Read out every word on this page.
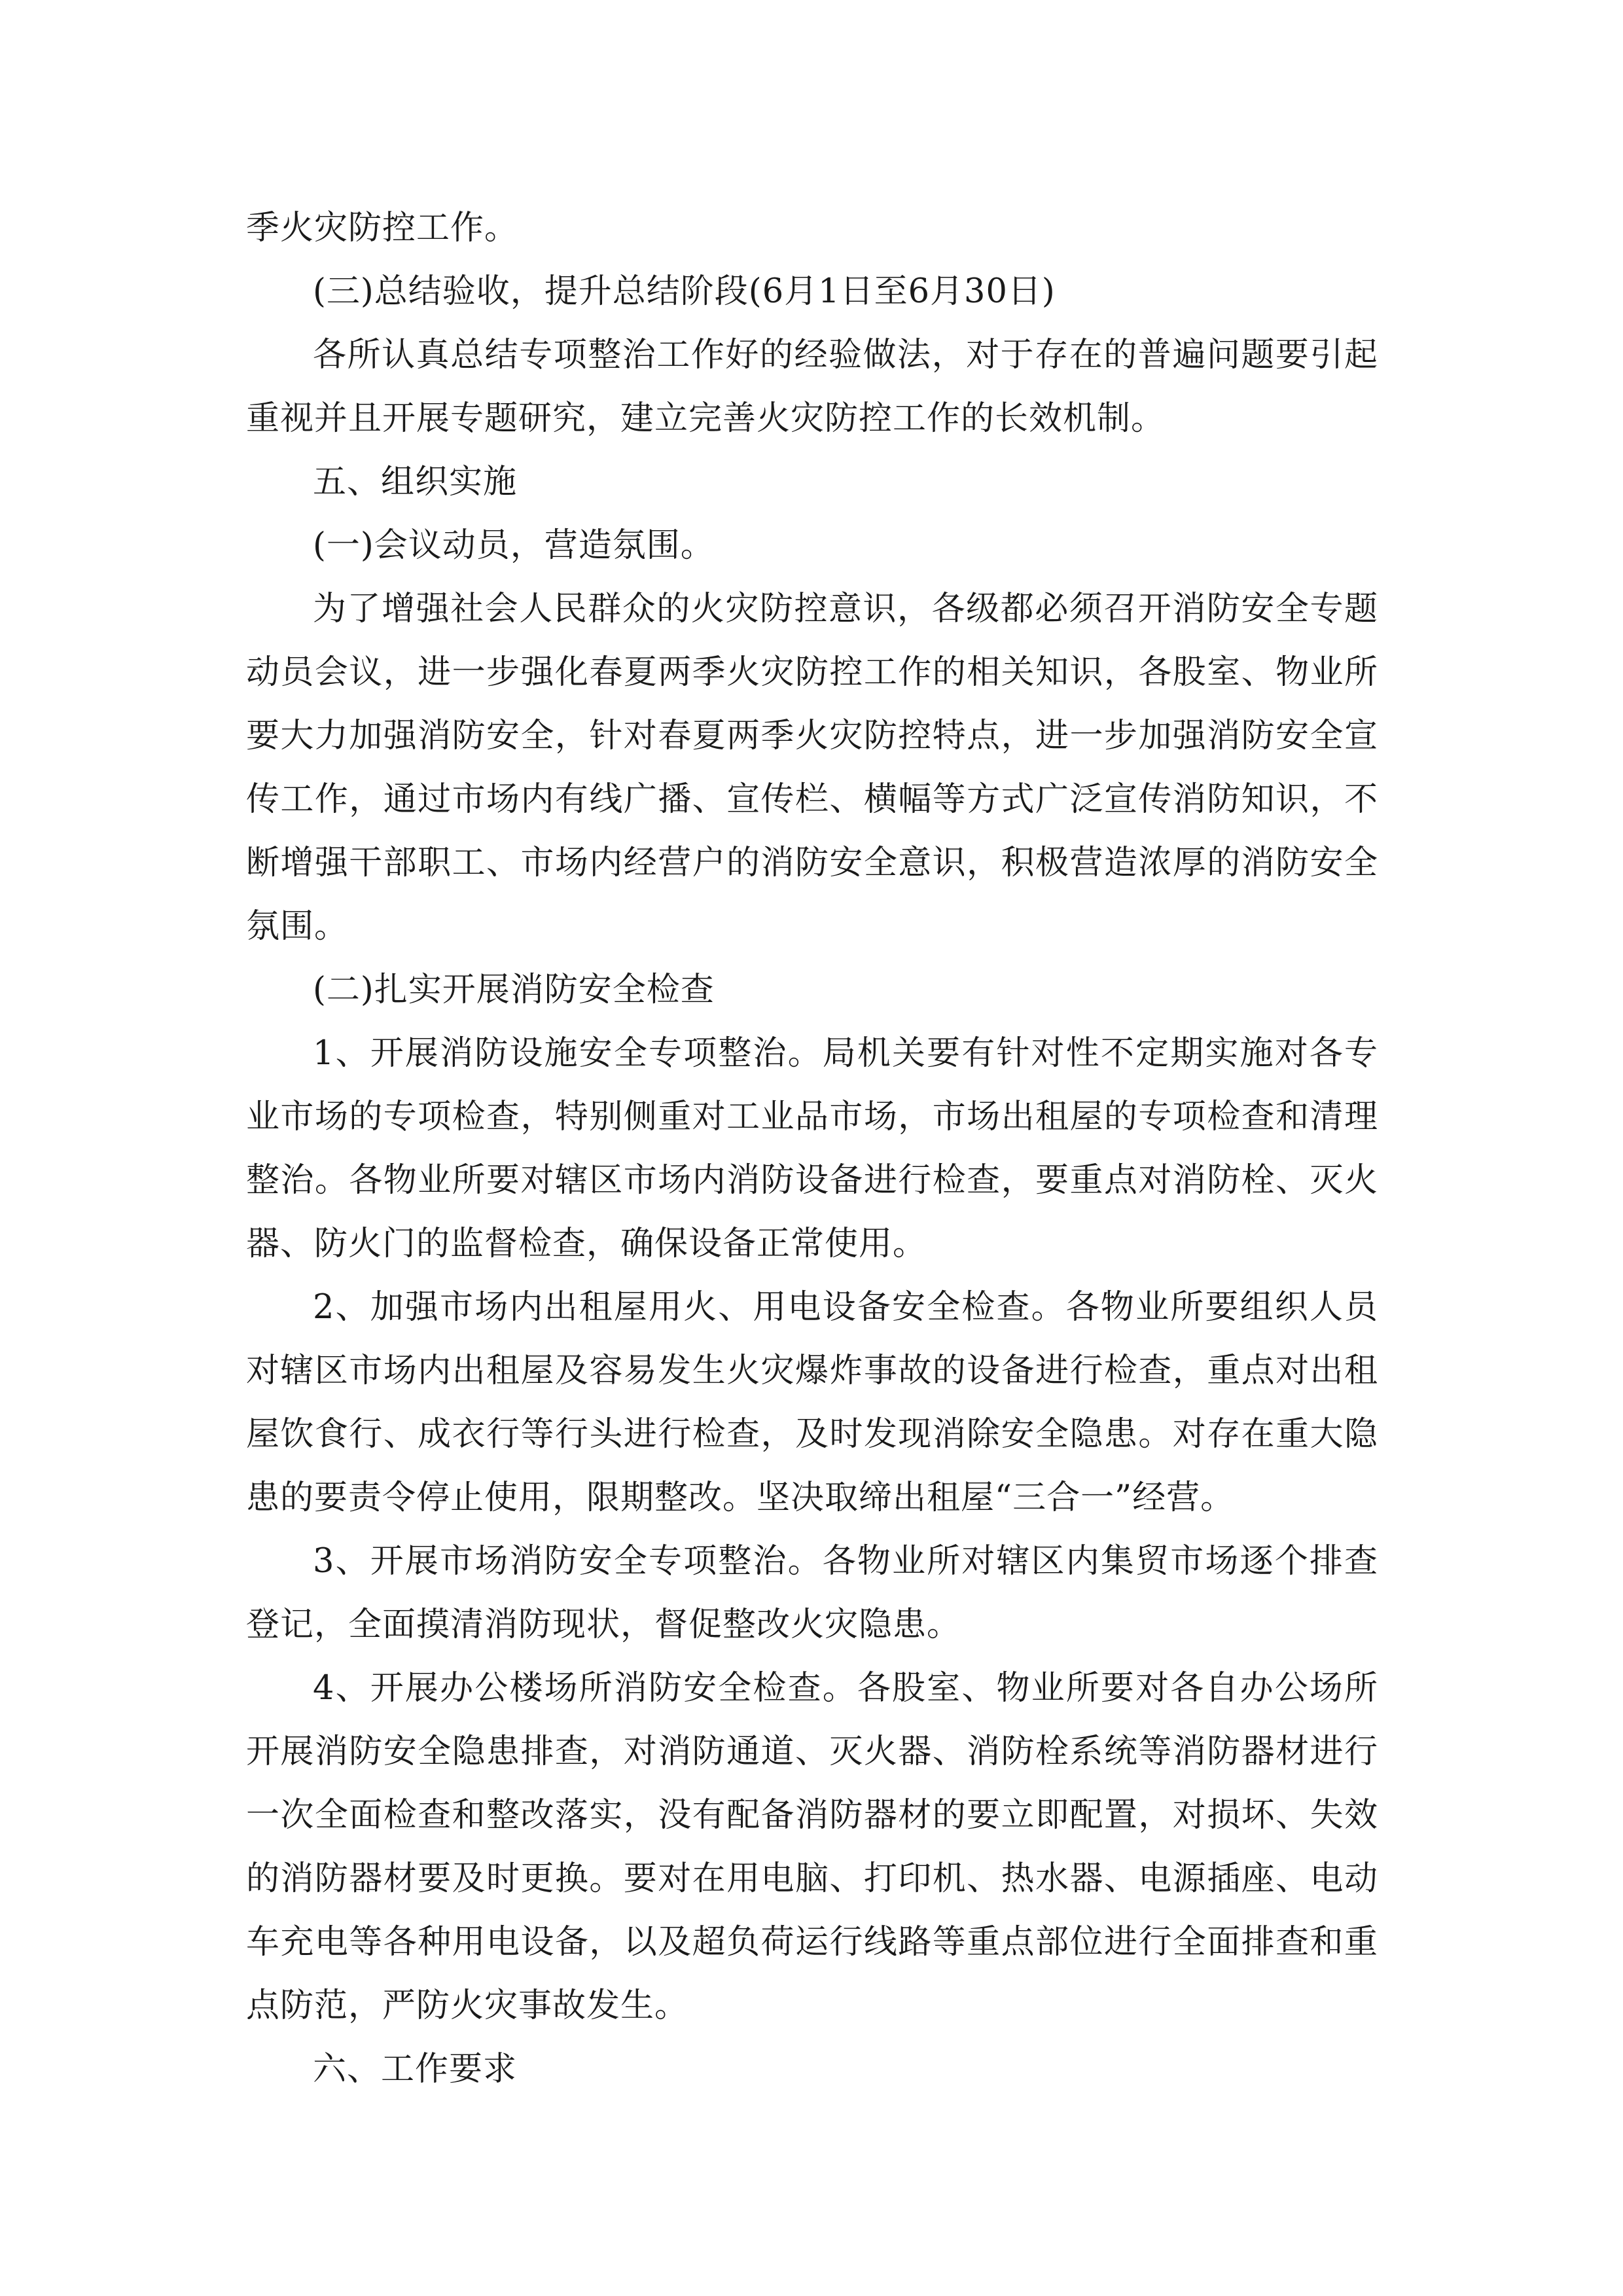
季火灾防控工作。

(三)总结验收，提升总结阶段(6月1日至6月30日)

各所认真总结专项整治工作好的经验做法，对于存在的普遍问题要引起重视并且开展专题研究，建立完善火灾防控工作的长效机制。

五、组织实施

(一)会议动员，营造氛围。

为了增强社会人民群众的火灾防控意识，各级都必须召开消防安全专题动员会议，进一步强化春夏两季火灾防控工作的相关知识，各股室、物业所要大力加强消防安全，针对春夏两季火灾防控特点，进一步加强消防安全宣传工作，通过市场内有线广播、宣传栏、横幅等方式广泛宣传消防知识，不断增强干部职工、市场内经营户的消防安全意识，积极营造浓厚的消防安全氛围。

(二)扎实开展消防安全检查

1、开展消防设施安全专项整治。局机关要有针对性不定期实施对各专业市场的专项检查，特别侧重对工业品市场，市场出租屋的专项检查和清理整治。各物业所要对辖区市场内消防设备进行检查，要重点对消防栓、灭火器、防火门的监督检查，确保设备正常使用。

2、加强市场内出租屋用火、用电设备安全检查。各物业所要组织人员对辖区市场内出租屋及容易发生火灾爆炸事故的设备进行检查，重点对出租屋饮食行、成衣行等行头进行检查，及时发现消除安全隐患。对存在重大隐患的要责令停止使用，限期整改。坚决取缔出租屋“三合一”经营。

3、开展市场消防安全专项整治。各物业所对辖区内集贸市场逐个排查登记，全面摸清消防现状，督促整改火灾隐患。

4、开展办公楼场所消防安全检查。各股室、物业所要对各自办公场所开展消防安全隐患排查，对消防通道、灭火器、消防栓系统等消防器材进行一次全面检查和整改落实，没有配备消防器材的要立即配置，对损坏、失效的消防器材要及时更换。要对在用电脑、打印机、热水器、电源插座、电动车充电等各种用电设备，以及超负荷运行线路等重点部位进行全面排查和重点防范，严防火灾事故发生。

六、工作要求
